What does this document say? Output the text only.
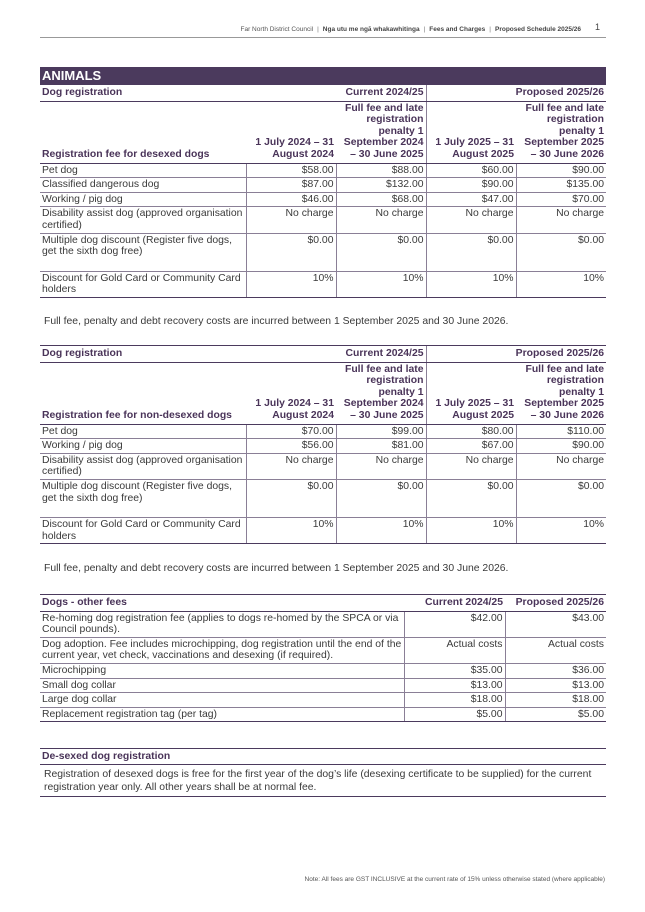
Far North District Council | Nga utu me ngā whakawhitinga | Fees and Charges | Proposed Schedule 2025/26 1
ANIMALS				
Dog registration	Current 2024/25		Proposed 2025/26	
Registration fee for desexed dogs	1 July 2024 – 31 August 2024	Full fee and late registration penalty 1 September 2024 – 30 June 2025	1 July 2025 – 31 August 2025	Full fee and late registration penalty 1 September 2025 – 30 June 2026
Pet dog	$58.00	$88.00	$60.00	$90.00
Classified dangerous dog	$87.00	$132.00	$90.00	$135.00
Working / pig dog	$46.00	$68.00	$47.00	$70.00
Disability assist dog (approved organisation certified)	No charge	No charge	No charge	No charge
Multiple dog discount (Register five dogs, get the sixth dog free)	$0.00	$0.00	$0.00	$0.00
Discount for Gold Card or Community Card holders	10%	10%	10%	10%
Full fee, penalty and debt recovery costs are incurred between 1 September 2025 and 30 June 2026.
Dog registration	Current 2024/25		Proposed 2025/26	
Registration fee for non-desexed dogs	1 July 2024 – 31 August 2024	Full fee and late registration penalty 1 September 2024 – 30 June 2025	1 July 2025 – 31 August 2025	Full fee and late registration penalty 1 September 2025 – 30 June 2026
Pet dog	$70.00	$99.00	$80.00	$110.00
Working / pig dog	$56.00	$81.00	$67.00	$90.00
Disability assist dog (approved organisation certified)	No charge	No charge	No charge	No charge
Multiple dog discount (Register five dogs, get the sixth dog free)	$0.00	$0.00	$0.00	$0.00
Discount for Gold Card or Community Card holders	10%	10%	10%	10%
Full fee, penalty and debt recovery costs are incurred between 1 September 2025 and 30 June 2026.
Dogs - other fees	Current 2024/25	Proposed 2025/26
Re-homing dog registration fee (applies to dogs re-homed by the SPCA or via Council pounds).	$42.00	$43.00
Dog adoption. Fee includes microchipping, dog registration until the end of the current year, vet check, vaccinations and desexing (if required).	Actual costs	Actual costs
Microchipping	$35.00	$36.00
Small dog collar	$13.00	$13.00
Large dog collar	$18.00	$18.00
Replacement registration tag (per tag)	$5.00	$5.00
De-sexed dog registration
Registration of desexed dogs is free for the first year of the dog’s life (desexing certificate to be supplied) for the current registration year only. All other years shall be at normal fee.
Note: All fees are GST INCLUSIVE at the current rate of 15% unless otherwise stated (where applicable)
